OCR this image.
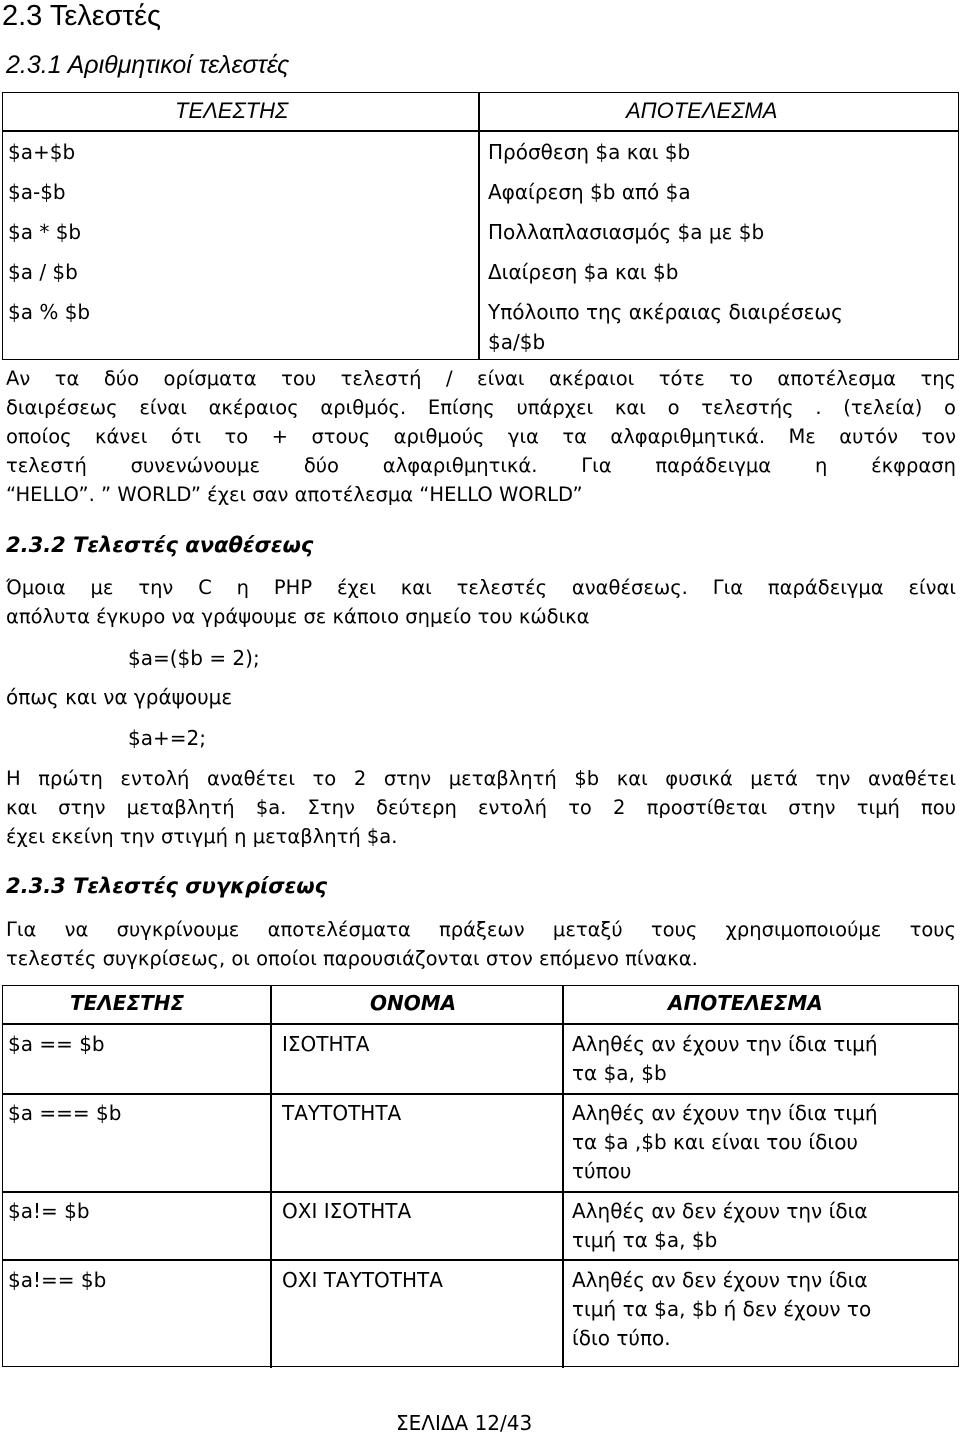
2.3 Τελεστές
2.3.1 Αριθμητικοί τελεστές
ΤΕΛΕΣΤΗΣ	ΑΠΟΤΕΛΕΣΜΑ
$a+$b	Πρόσθεση $a και $b
$a-$b	Αφαίρεση $b από $a
$a * $b	Πολλαπλασιασμός $a με $b
$a / $b	Διαίρεση $a και $b
$a % $b	Υπόλοιπο της ακέραιας διαιρέσεως
$a/$b
Αν τα δύο ορίσματα του τελεστή / είναι ακέραιοι τότε το αποτέλεσμα της
διαιρέσεως είναι ακέραιος αριθμός. Επίσης υπάρχει και ο τελεστής . (τελεία) ο
οποίος κάνει ότι το + στους αριθμούς για τα αλφαριθμητικά. Με αυτόν τον
τελεστή συνενώνουμε δύο αλφαριθμητικά. Για παράδειγμα η έκφραση
“HELLO”. ” WORLD” έχει σαν αποτέλεσμα “HELLO WORLD”
2.3.2 Τελεστές αναθέσεως
Όμοια με την C η PHP έχει και τελεστές αναθέσεως. Για παράδειγμα είναι
απόλυτα έγκυρο να γράψουμε σε κάποιο σημείο του κώδικα
$a=($b = 2);
όπως και να γράψουμε
$a+=2;
Η πρώτη εντολή αναθέτει το 2 στην μεταβλητή $b και φυσικά μετά την αναθέτει
και στην μεταβλητή $a. Στην δεύτερη εντολή το 2 προστίθεται στην τιμή που
έχει εκείνη την στιγμή η μεταβλητή $a.
2.3.3 Τελεστές συγκρίσεως
Για να συγκρίνουμε αποτελέσματα πράξεων μεταξύ τους χρησιμοποιούμε τους
τελεστές συγκρίσεως, οι οποίοι παρουσιάζονται στον επόμενο πίνακα.
ΤΕΛΕΣΤΗΣ	ΟΝΟΜΑ	ΑΠΟΤΕΛΕΣΜΑ
$a == $b	ΙΣΟΤΗΤΑ	Αληθές αν έχουν την ίδια τιμή
τα $a, $b
$a === $b	ΤΑΥΤΟΤΗΤΑ	Αληθές αν έχουν την ίδια τιμή
τα $a ,$b και είναι του ίδιου
τύπου
$a!= $b	ΟΧΙ ΙΣΟΤΗΤΑ	Αληθές αν δεν έχουν την ίδια
τιμή τα $a, $b
$a!== $b	ΟΧΙ ΤΑΥΤΟΤΗΤΑ	Αληθές αν δεν έχουν την ίδια
τιμή τα $a, $b ή δεν έχουν το
ίδιο τύπο.
ΣΕΛΙΔΑ 12/43
